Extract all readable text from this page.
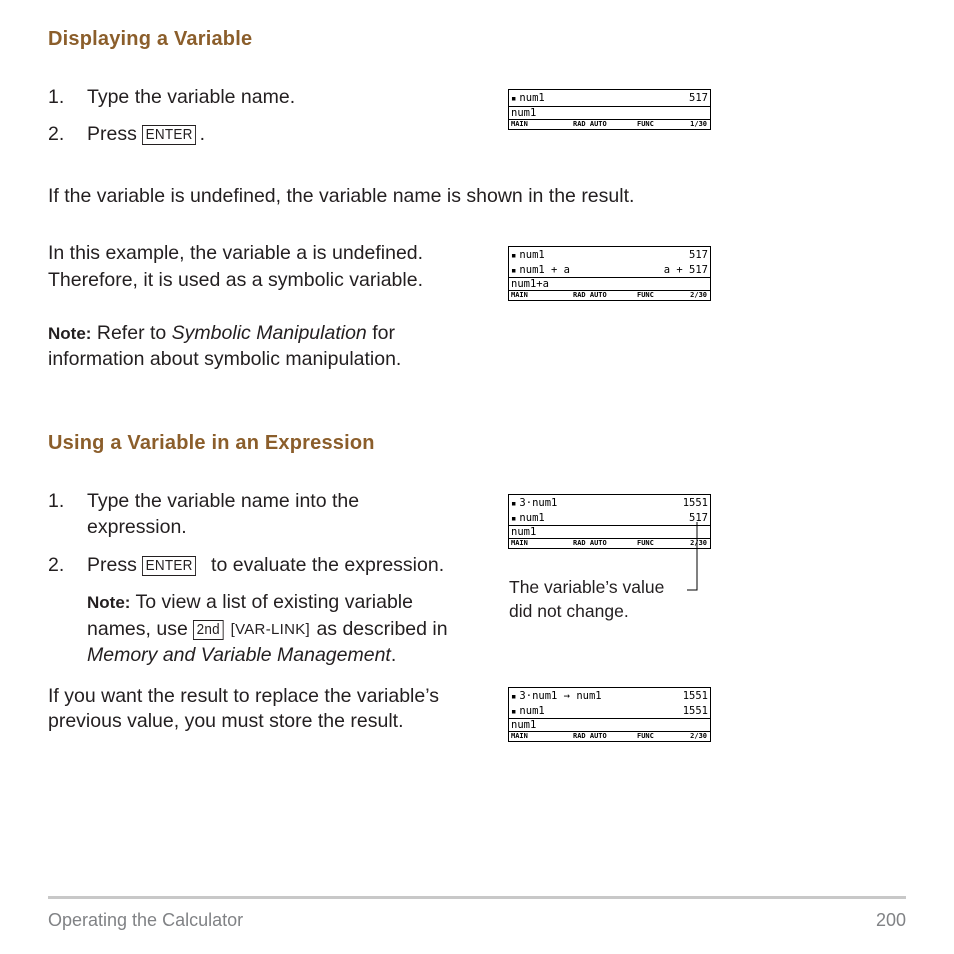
Displaying a Variable
1. Type the variable name.
2. Press ENTER .
If the variable is undefined, the variable name is shown in the result.
In this example, the variable a is undefined.
Therefore, it is used as a symbolic variable.
Note: Refer to Symbolic Manipulation for
information about symbolic manipulation.
Using a Variable in an Expression
1. Type the variable name into the
expression.
2. Press ENTER to evaluate the expression.
Note: To view a list of existing variable
names, use 2nd [VAR-LINK] as described in
Memory and Variable Management.
If you want the result to replace the variable’s
previous value, you must store the result.
▪ num1	517
num1
MAIN	RAD AUTO	FUNC	1/30
▪ num1	517
▪ num1 + a	a + 517
num1+a
MAIN	RAD AUTO	FUNC	2/30
▪ 3·num1	1551
▪ num1	517
num1
MAIN	RAD AUTO	FUNC	2/30
The variable’s value
did not change.
▪ 3·num1 → num1	1551
▪ num1	1551
num1
MAIN	RAD AUTO	FUNC	2/30
Operating the Calculator	200
